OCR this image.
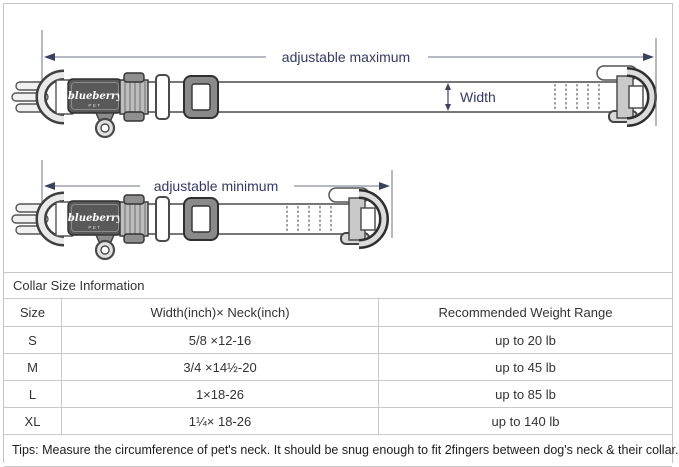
adjustable maximum
Width
adjustable minimum
Collar Size Information
Size	Width(inch)× Neck(inch)	Recommended Weight Range
S	5/8 ×12-16	up to 20 lb
M	3/4 ×14½-20	up to 45 lb
L	1×18-26	up to 85 lb
XL	1¼× 18-26	up to 140 lb
Tips: Measure the circumference of pet's neck. It should be snug enough to fit 2fingers between dog's neck & their collar.
